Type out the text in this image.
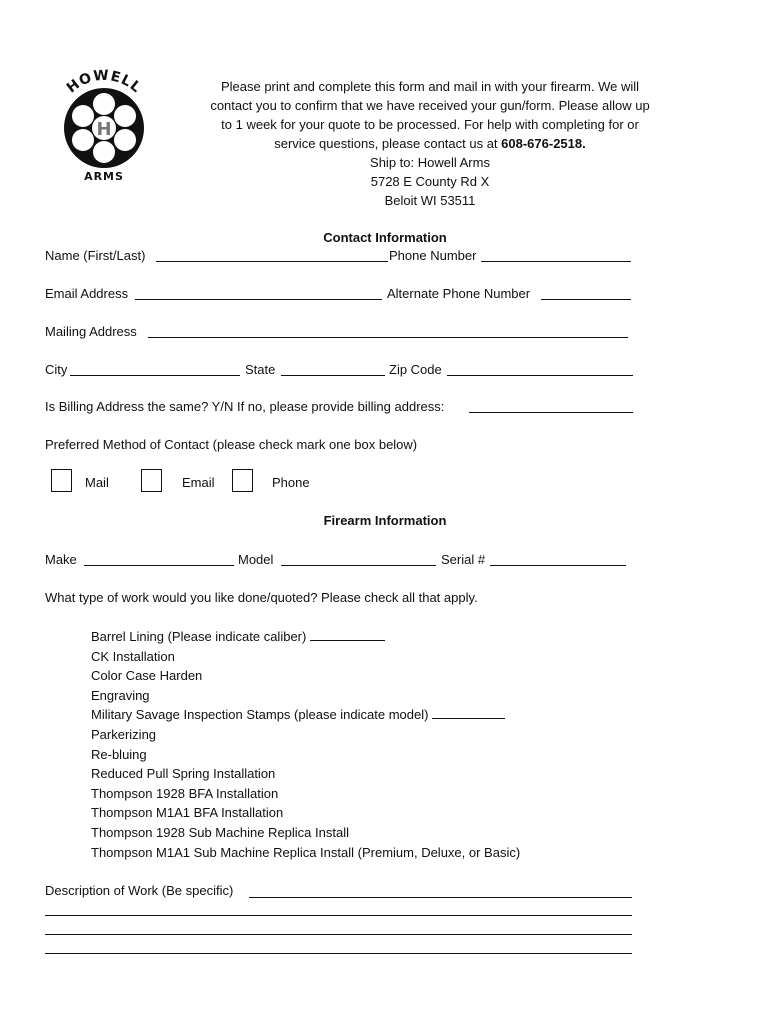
HOWELL
H
ARMS
Please print and complete this form and mail in with your firearm. We will
contact you to confirm that we have received your gun/form. Please allow up
to 1 week for your quote to be processed. For help with completing for or
service questions, please contact us at 608-676-2518.
Ship to: Howell Arms
5728 E County Rd X
Beloit WI 53511
Contact Information
Name (First/Last)	Phone Number
Email Address	Alternate Phone Number
Mailing Address
City	State	Zip Code
Is Billing Address the same? Y/N If no, please provide billing address:
Preferred Method of Contact (please check mark one box below)
Mail	Email	Phone
Firearm Information
Make	Model	Serial #
What type of work would you like done/quoted? Please check all that apply.
Barrel Lining (Please indicate caliber)
CK Installation
Color Case Harden
Engraving
Military Savage Inspection Stamps (please indicate model)
Parkerizing
Re-bluing
Reduced Pull Spring Installation
Thompson 1928 BFA Installation
Thompson M1A1 BFA Installation
Thompson 1928 Sub Machine Replica Install
Thompson M1A1 Sub Machine Replica Install (Premium, Deluxe, or Basic)
Description of Work (Be specific)
